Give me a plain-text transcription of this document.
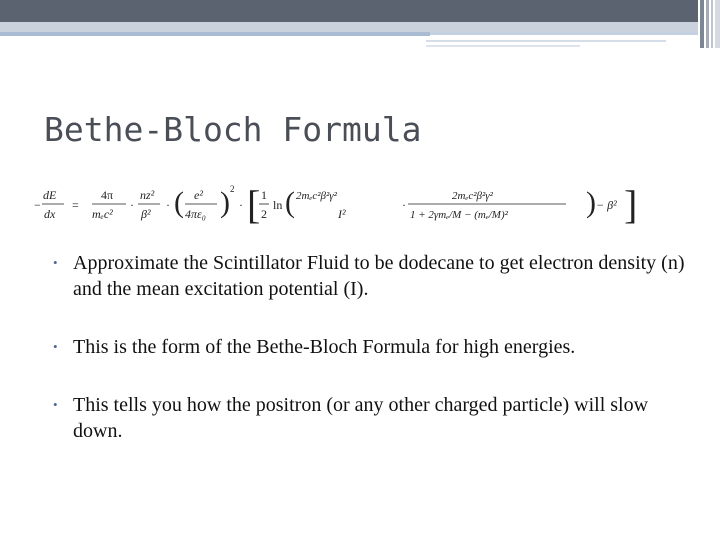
Bethe-Bloch Formula
−
dE
dx
=
4π
mₑc²
·
nz²
β²
· ( e²
4πε₀ ) 2
· [ 1
2
ln ( 2mₑc²β²γ²
I²
·
2mₑc²β²γ²
1 + 2γmₑ/M − (mₑ/M)²	) − β² ]
• Approximate the Scintillator Fluid to be dodecane to get electron density (n) and the mean excitation potential (I).
• This is the form of the Bethe-Bloch Formula for high energies.
• This tells you how the positron (or any other charged particle) will slow down.
